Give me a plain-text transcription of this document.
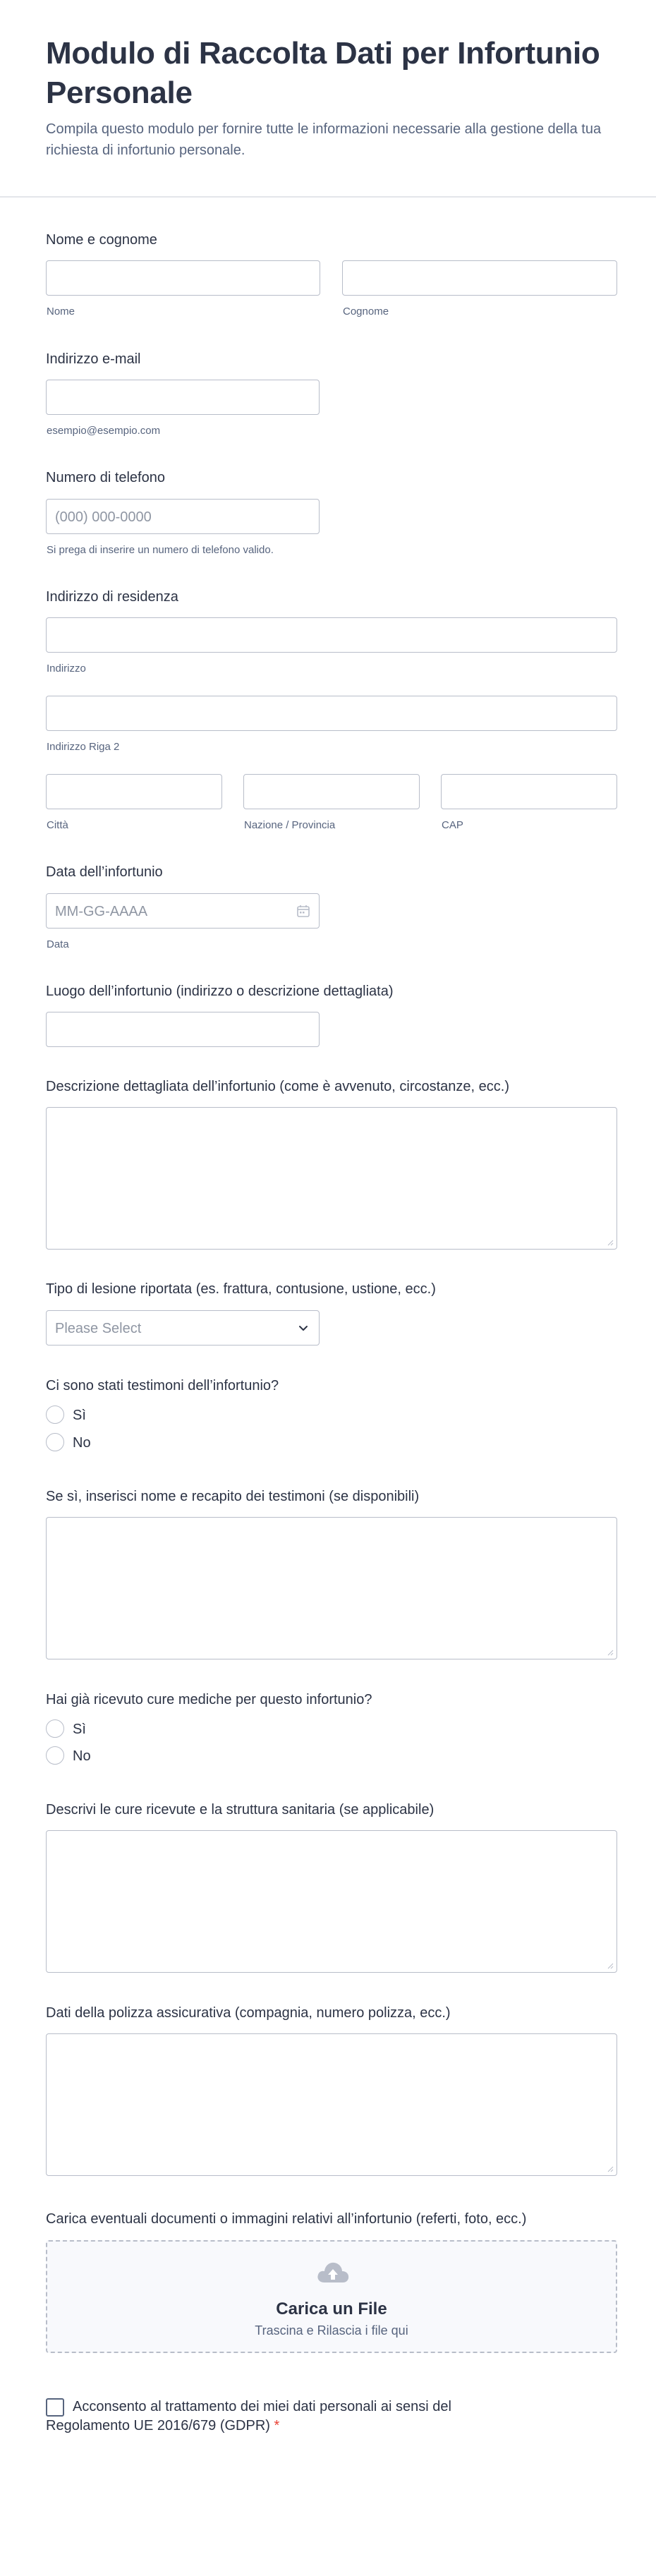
Modulo di Raccolta Dati per Infortunio Personale

Compila questo modulo per fornire tutte le informazioni necessarie alla gestione della tua richiesta di infortunio personale.

Nome e cognome
Nome	Cognome
Indirizzo e-mail
esempio@esempio.com
Numero di telefono
(000) 000-0000
Si prega di inserire un numero di telefono valido.
Indirizzo di residenza
Indirizzo
Indirizzo Riga 2
Città	Nazione / Provincia	CAP
Data dell’infortunio
MM-GG-AAAA
Data
Luogo dell’infortunio (indirizzo o descrizione dettagliata)
Descrizione dettagliata dell’infortunio (come è avvenuto, circostanze, ecc.)
Tipo di lesione riportata (es. frattura, contusione, ustione, ecc.)
Please Select
Ci sono stati testimoni dell’infortunio?
Sì
No
Se sì, inserisci nome e recapito dei testimoni (se disponibili)
Hai già ricevuto cure mediche per questo infortunio?
Sì
No
Descrivi le cure ricevute e la struttura sanitaria (se applicabile)
Dati della polizza assicurativa (compagnia, numero polizza, ecc.)
Carica eventuali documenti o immagini relativi all’infortunio (referti, foto, ecc.)
Carica un File
Trascina e Rilascia i file qui
Acconsento al trattamento dei miei dati personali ai sensi del Regolamento UE 2016/679 (GDPR) *
